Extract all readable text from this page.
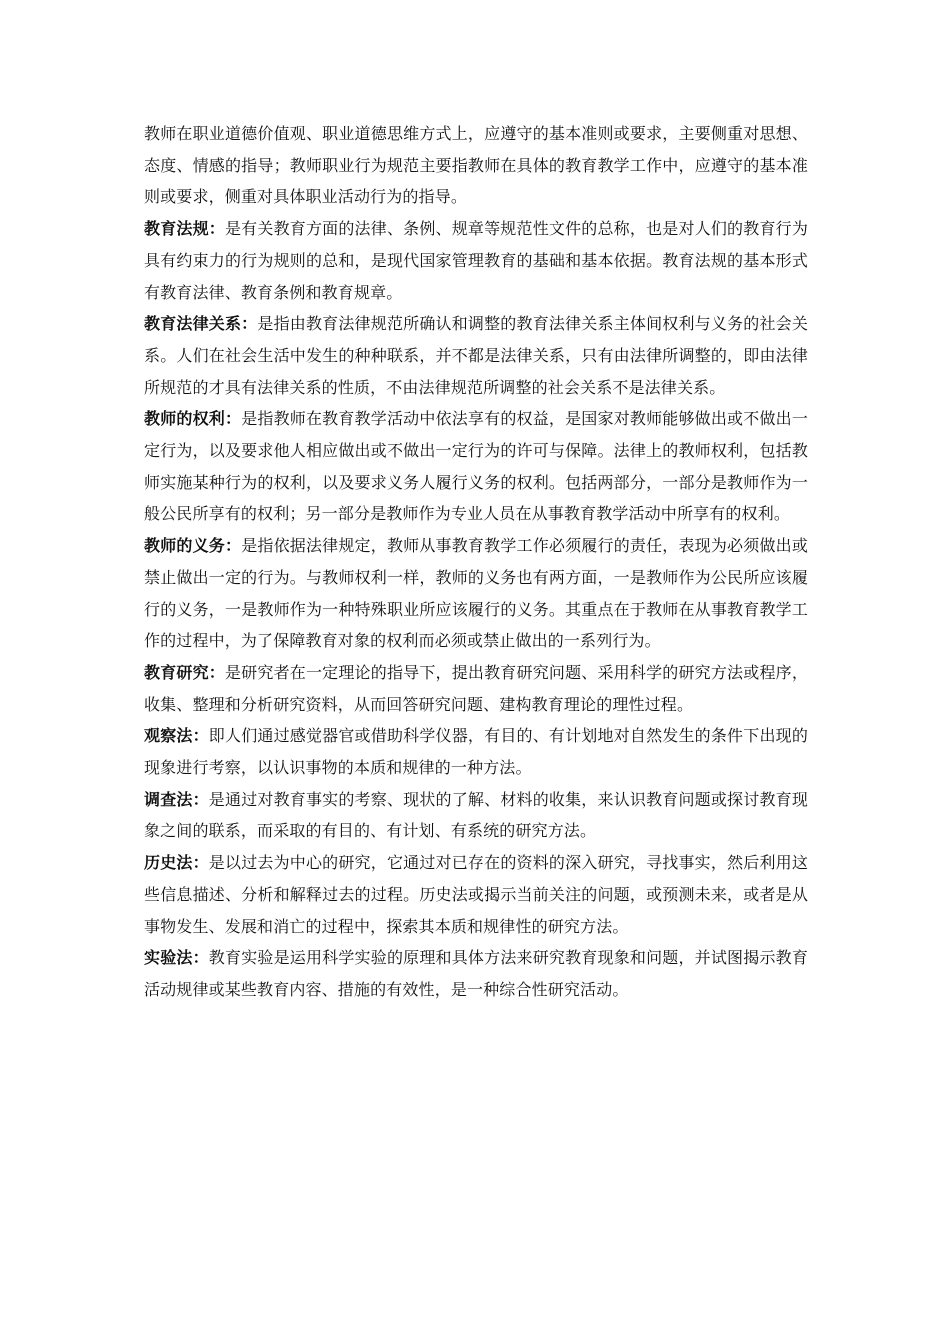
教师在职业道德价值观、职业道德思维方式上，应遵守的基本准则或要求，主要侧重对思想、态度、情感的指导；教师职业行为规范主要指教师在具体的教育教学工作中，应遵守的基本准则或要求，侧重对具体职业活动行为的指导。

教育法规：是有关教育方面的法律、条例、规章等规范性文件的总称，也是对人们的教育行为具有约束力的行为规则的总和，是现代国家管理教育的基础和基本依据。教育法规的基本形式有教育法律、教育条例和教育规章。

教育法律关系：是指由教育法律规范所确认和调整的教育法律关系主体间权利与义务的社会关系。人们在社会生活中发生的种种联系，并不都是法律关系，只有由法律所调整的，即由法律所规范的才具有法律关系的性质，不由法律规范所调整的社会关系不是法律关系。

教师的权利：是指教师在教育教学活动中依法享有的权益，是国家对教师能够做出或不做出一定行为，以及要求他人相应做出或不做出一定行为的许可与保障。法律上的教师权利，包括教师实施某种行为的权利，以及要求义务人履行义务的权利。包括两部分，一部分是教师作为一般公民所享有的权利；另一部分是教师作为专业人员在从事教育教学活动中所享有的权利。

教师的义务：是指依据法律规定，教师从事教育教学工作必须履行的责任，表现为必须做出或禁止做出一定的行为。与教师权利一样，教师的义务也有两方面，一是教师作为公民所应该履行的义务，一是教师作为一种特殊职业所应该履行的义务。其重点在于教师在从事教育教学工作的过程中，为了保障教育对象的权利而必须或禁止做出的一系列行为。

教育研究：是研究者在一定理论的指导下，提出教育研究问题、采用科学的研究方法或程序，收集、整理和分析研究资料，从而回答研究问题、建构教育理论的理性过程。

观察法：即人们通过感觉器官或借助科学仪器，有目的、有计划地对自然发生的条件下出现的现象进行考察，以认识事物的本质和规律的一种方法。

调查法：是通过对教育事实的考察、现状的了解、材料的收集，来认识教育问题或探讨教育现象之间的联系，而采取的有目的、有计划、有系统的研究方法。

历史法：是以过去为中心的研究，它通过对已存在的资料的深入研究，寻找事实，然后利用这些信息描述、分析和解释过去的过程。历史法或揭示当前关注的问题，或预测未来，或者是从事物发生、发展和消亡的过程中，探索其本质和规律性的研究方法。

实验法：教育实验是运用科学实验的原理和具体方法来研究教育现象和问题，并试图揭示教育活动规律或某些教育内容、措施的有效性，是一种综合性研究活动。
